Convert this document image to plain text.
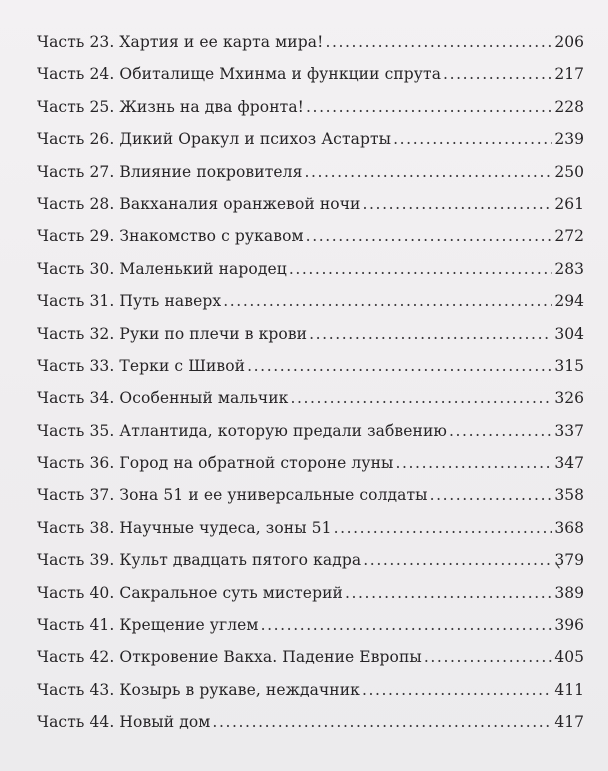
Часть 23. Хартия и ее карта мира! .....	206
Часть 24. Обиталище Мхинма и функции спрута .....	217
Часть 25. Жизнь на два фронта! .....	228
Часть 26. Дикий Оракул и психоз Астарты .....	239
Часть 27. Влияние покровителя .....	250
Часть 28. Вакханалия оранжевой ночи .....	261
Часть 29. Знакомство с рукавом .....	272
Часть 30. Маленький народец .....	283
Часть 31. Путь наверх .....	294
Часть 32. Руки по плечи в крови .....	304
Часть 33. Терки с Шивой .....	315
Часть 34. Особенный мальчик .....	326
Часть 35. Атлантида, которую предали забвению .....	337
Часть 36. Город на обратной стороне луны .....	347
Часть 37. Зона 51 и ее универсальные солдаты .....	358
Часть 38. Научные чудеса, зоны 51 .....	368
Часть 39. Культ двадцать пятого кадра .....	379
Часть 40. Сакральное суть мистерий .....	389
Часть 41. Крещение углем .....	396
Часть 42. Откровение Вакха. Падение Европы .....	405
Часть 43. Козырь в рукаве, неждачник .....	411
Часть 44. Новый дом .....	417
